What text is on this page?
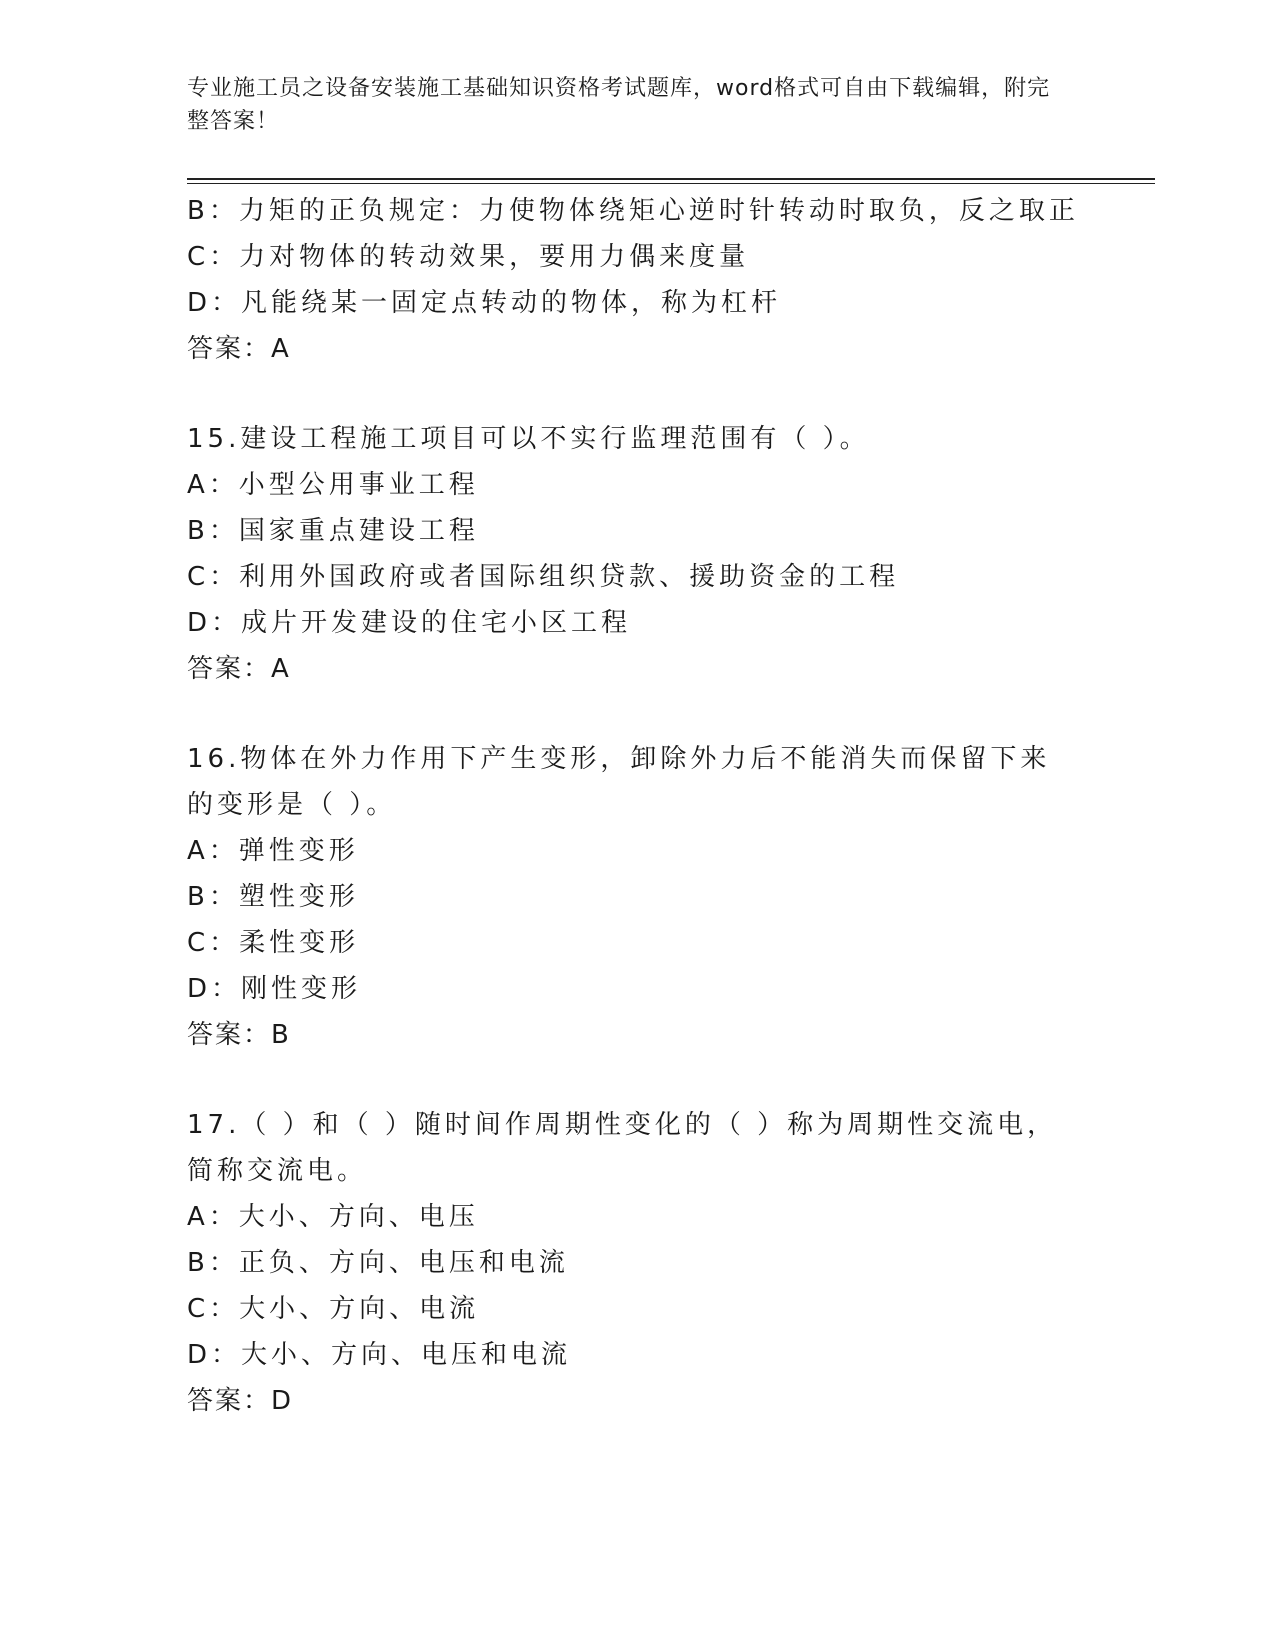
专业施工员之设备安装施工基础知识资格考试题库，word格式可自由下载编辑，附完整答案！
B：力矩的正负规定：力使物体绕矩心逆时针转动时取负，反之取正
C：力对物体的转动效果，要用力偶来度量
D：凡能绕某一固定点转动的物体，称为杠杆
答案：A
15.建设工程施工项目可以不实行监理范围有（ ）。
A：小型公用事业工程
B：国家重点建设工程
C：利用外国政府或者国际组织贷款、援助资金的工程
D：成片开发建设的住宅小区工程
答案：A
16.物体在外力作用下产生变形，卸除外力后不能消失而保留下来的变形是（ ）。
A：弹性变形
B：塑性变形
C：柔性变形
D：刚性变形
答案：B
17.（ ）和（ ）随时间作周期性变化的（ ）称为周期性交流电，简称交流电。
A：大小、方向、电压
B：正负、方向、电压和电流
C：大小、方向、电流
D：大小、方向、电压和电流
答案：D
